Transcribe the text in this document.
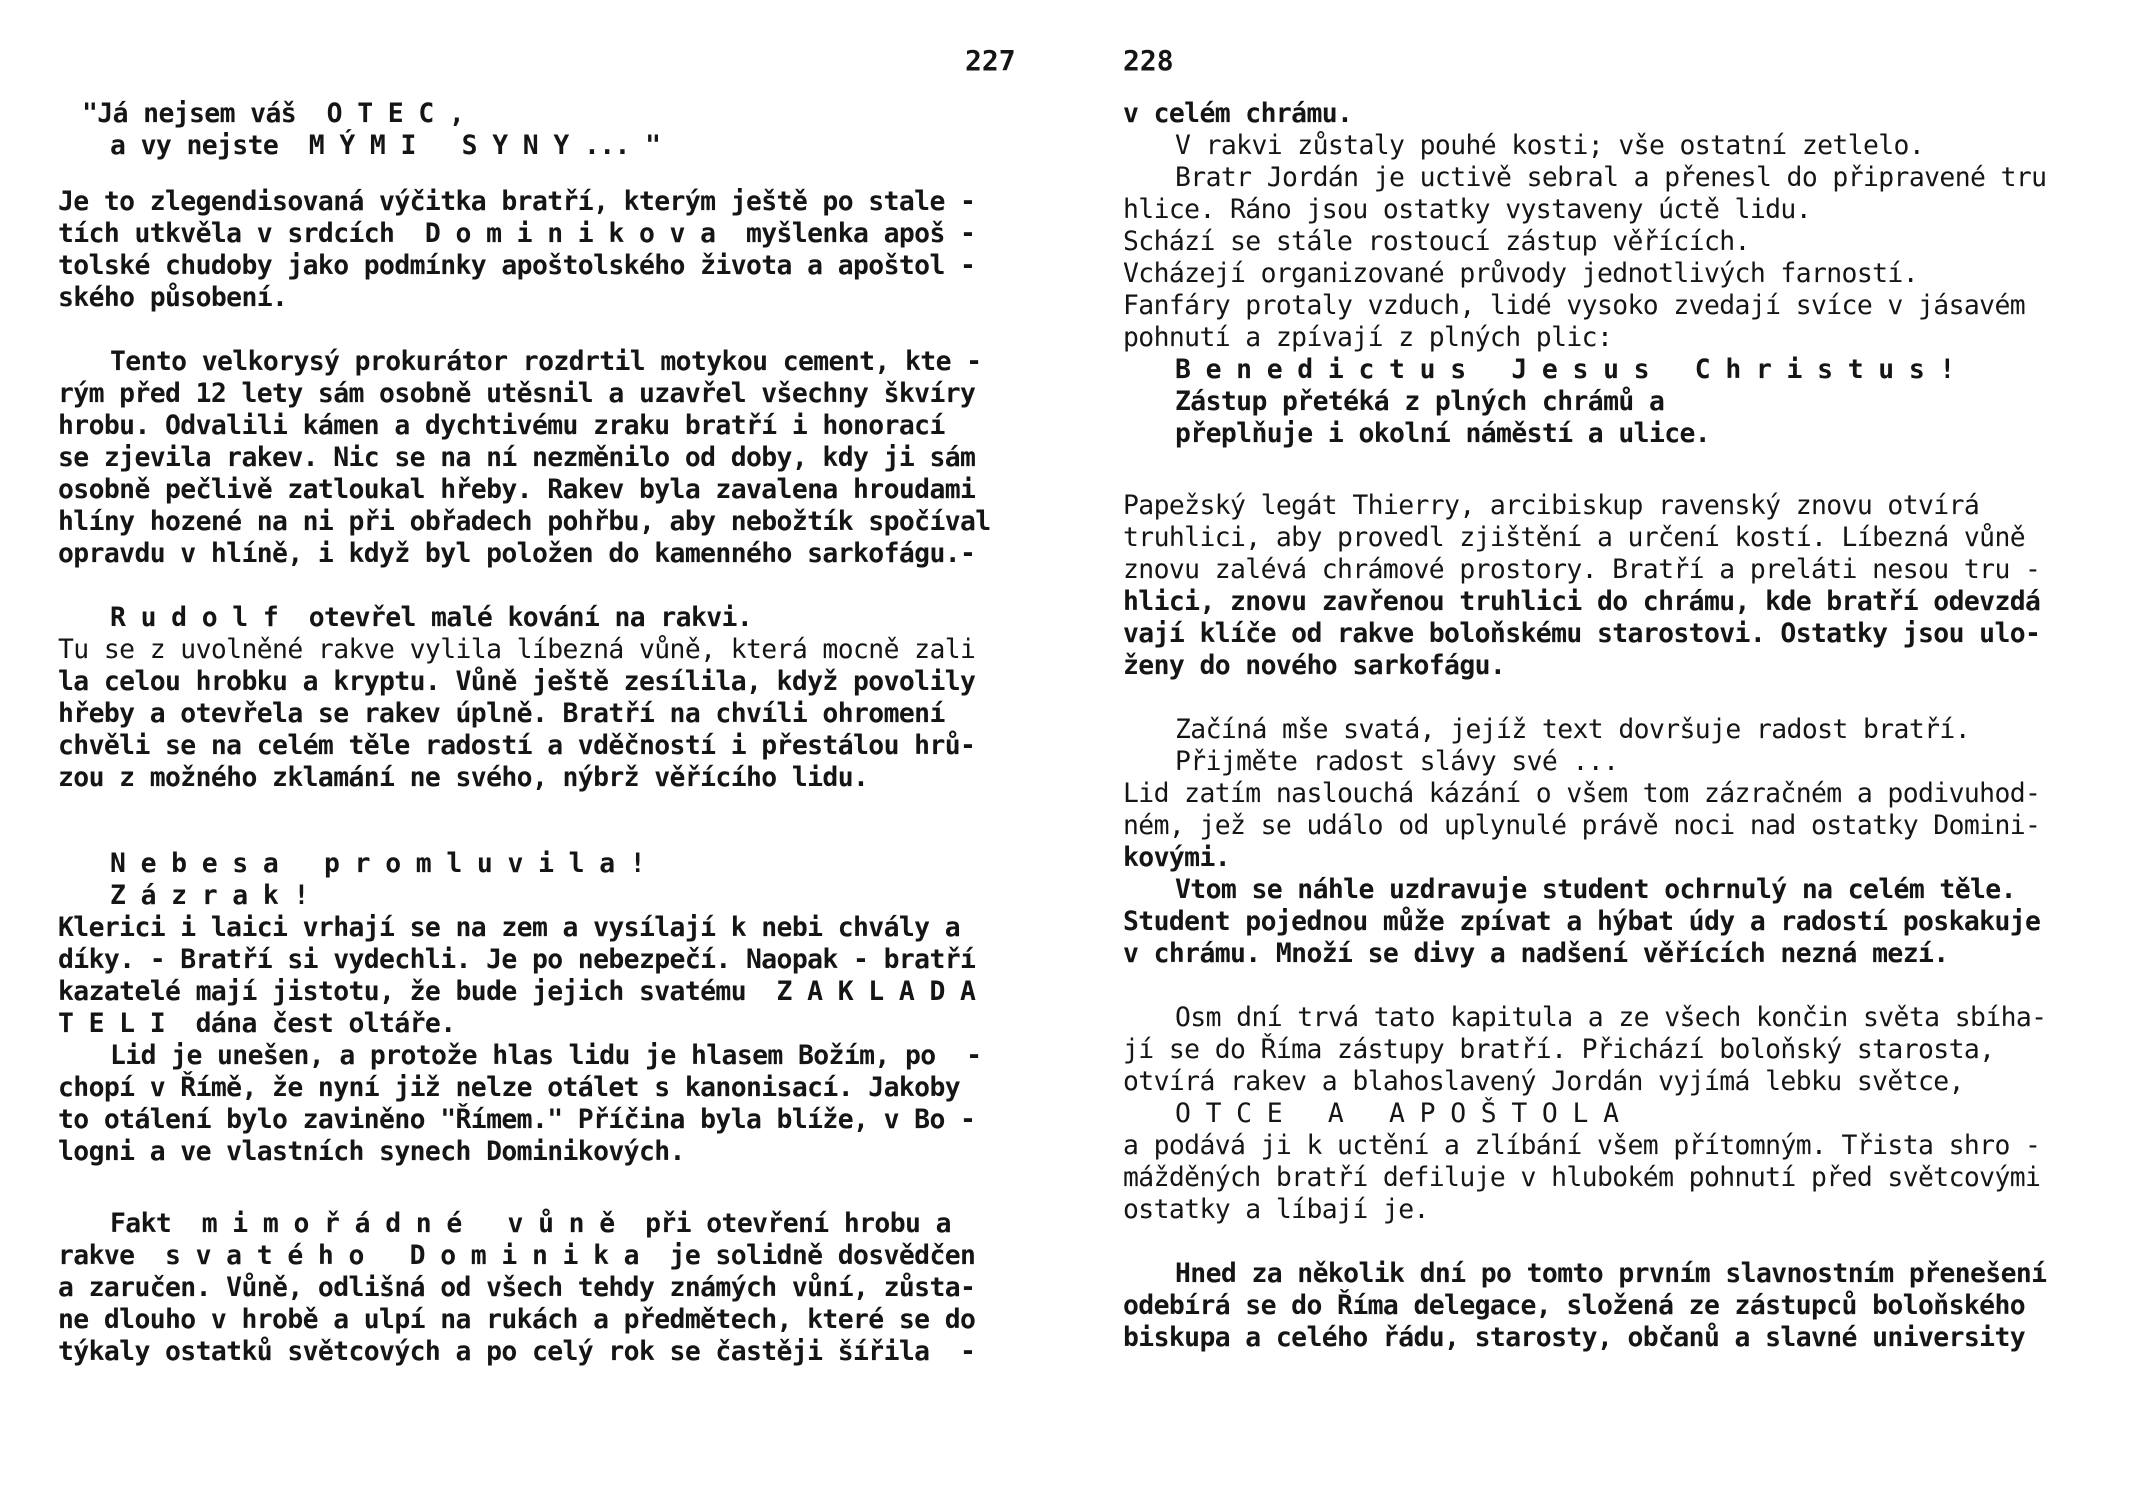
227
"Já nejsem váš  O T E C ,
a vy nejste  M Ý M I   S Y N Y ... "
Je to zlegendisovaná výčitka bratří, kterým ještě po stale -
tích utkvěla v srdcích  D o m i n i k o v a  myšlenka apoš -
tolské chudoby jako podmínky apoštolského života a apoštol -
ského působení.
Tento velkorysý prokurátor rozdrtil motykou cement, kte -
rým před 12 lety sám osobně utěsnil a uzavřel všechny škvíry
hrobu. Odvalili kámen a dychtivému zraku bratří i honorací
se zjevila rakev. Nic se na ní nezměnilo od doby, kdy ji sám
osobně pečlivě zatloukal hřeby. Rakev byla zavalena hroudami
hlíny hozené na ni při obřadech pohřbu, aby nebožtík spočíval
opravdu v hlíně, i když byl položen do kamenného sarkofágu.-
R u d o l f  otevřel malé kování na rakvi.
Tu se z uvolněné rakve vylila líbezná vůně, která mocně zali
la celou hrobku a kryptu. Vůně ještě zesílila, když povolily
hřeby a otevřela se rakev úplně. Bratří na chvíli ohromení
chvěli se na celém těle radostí a vděčností i přestálou hrů-
zou z možného zklamání ne svého, nýbrž věřícího lidu.
N e b e s a   p r o m l u v i l a !
Z á z r a k !
Klerici i laici vrhají se na zem a vysílají k nebi chvály a
díky. - Bratří si vydechli. Je po nebezpečí. Naopak - bratří
kazatelé mají jistotu, že bude jejich svatému  Z A K L A D A
T E L I  dána čest oltáře.
Lid je unešen, a protože hlas lidu je hlasem Božím, po  -
chopí v Římě, že nyní již nelze otálet s kanonisací. Jakoby
to otálení bylo zaviněno "Římem." Příčina byla blíže, v Bo -
logni a ve vlastních synech Dominikových.
Fakt  m i m o ř á d n é   v ů n ě  při otevření hrobu a
rakve  s v a t é h o   D o m i n i k a  je solidně dosvědčen
a zaručen. Vůně, odlišná od všech tehdy známých vůní, zůsta-
ne dlouho v hrobě a ulpí na rukách a předmětech, které se do
týkaly ostatků světcových a po celý rok se častěji šířila  -
228
v celém chrámu.
V rakvi zůstaly pouhé kosti; vše ostatní zetlelo.
Bratr Jordán je uctivě sebral a přenesl do připravené tru
hlice. Ráno jsou ostatky vystaveny úctě lidu.
Schází se stále rostoucí zástup věřících.
Vcházejí organizované průvody jednotlivých farností.
Fanfáry protaly vzduch, lidé vysoko zvedají svíce v jásavém
pohnutí a zpívají z plných plic:
B e n e d i c t u s   J e s u s   C h r i s t u s !
Zástup přetéká z plných chrámů a
přeplňuje i okolní náměstí a ulice.
Papežský legát Thierry, arcibiskup ravenský znovu otvírá
truhlici, aby provedl zjištění a určení kostí. Líbezná vůně
znovu zalévá chrámové prostory. Bratří a preláti nesou tru -
hlici, znovu zavřenou truhlici do chrámu, kde bratří odevzdá
vají klíče od rakve boloňskému starostovi. Ostatky jsou ulo-
ženy do nového sarkofágu.
Začíná mše svatá, jejíž text dovršuje radost bratří.
Přijměte radost slávy své ...
Lid zatím naslouchá kázání o všem tom zázračném a podivuhod-
ném, jež se událo od uplynulé právě noci nad ostatky Domini-
kovými.
Vtom se náhle uzdravuje student ochrnulý na celém těle.
Student pojednou může zpívat a hýbat údy a radostí poskakuje
v chrámu. Množí se divy a nadšení věřících nezná mezí.
Osm dní trvá tato kapitula a ze všech končin světa sbíha-
jí se do Říma zástupy bratří. Přichází boloňský starosta,
otvírá rakev a blahoslavený Jordán vyjímá lebku světce,
O T C E   A   A P O Š T O L A
a podává ji k uctění a zlíbání všem přítomným. Třista shro -
mážděných bratří defiluje v hlubokém pohnutí před světcovými
ostatky a líbají je.
Hned za několik dní po tomto prvním slavnostním přenešení
odebírá se do Říma delegace, složená ze zástupců boloňského
biskupa a celého řádu, starosty, občanů a slavné university
